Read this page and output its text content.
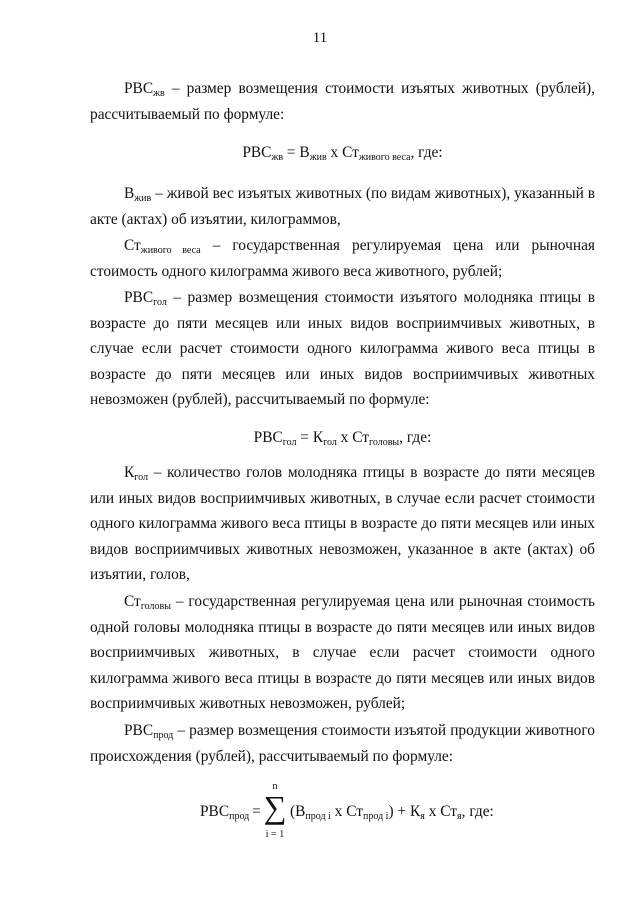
11

$РВС_{жв}$ – размер возмещения стоимости изъятых животных (рублей), рассчитываемый по формуле:

$РВС_{жв} = В_{жив}$ х $Ст_{живого веса}$, где:

$В_{жив}$ – живой вес изъятых животных (по видам животных), указанный в акте (актах) об изъятии, килограммов,

$Ст_{живого веса}$ – государственная регулируемая цена или рыночная стоимость одного килограмма живого веса животного, рублей;

$РВС_{гол}$ – размер возмещения стоимости изъятого молодняка птицы в возрасте до пяти месяцев или иных видов восприимчивых животных, в случае если расчет стоимости одного килограмма живого веса птицы в возрасте до пяти месяцев или иных видов восприимчивых животных невозможен (рублей), рассчитываемый по формуле:

$РВС_{гол} = К_{гол}$ х $Ст_{головы}$, где:

$К_{гол}$ – количество голов молодняка птицы в возрасте до пяти месяцев или иных видов восприимчивых животных, в случае если расчет стоимости одного килограмма живого веса птицы в возрасте до пяти месяцев или иных видов восприимчивых животных невозможен, указанное в акте (актах) об изъятии, голов,

$Ст_{головы}$ – государственная регулируемая цена или рыночная стоимость одной головы молодняка птицы в возрасте до пяти месяцев или иных видов восприимчивых животных, в случае если расчет стоимости одного килограмма живого веса птицы в возрасте до пяти месяцев или иных видов восприимчивых животных невозможен, рублей;

$РВС_{прод}$ – размер возмещения стоимости изъятой продукции животного происхождения (рублей), рассчитываемый по формуле:

$РВС_{прод}$ =
n
∑
i = 1
($В_{прод i}$ х $Ст_{прод i}) + К_я$ х $Ст_я$, где:
